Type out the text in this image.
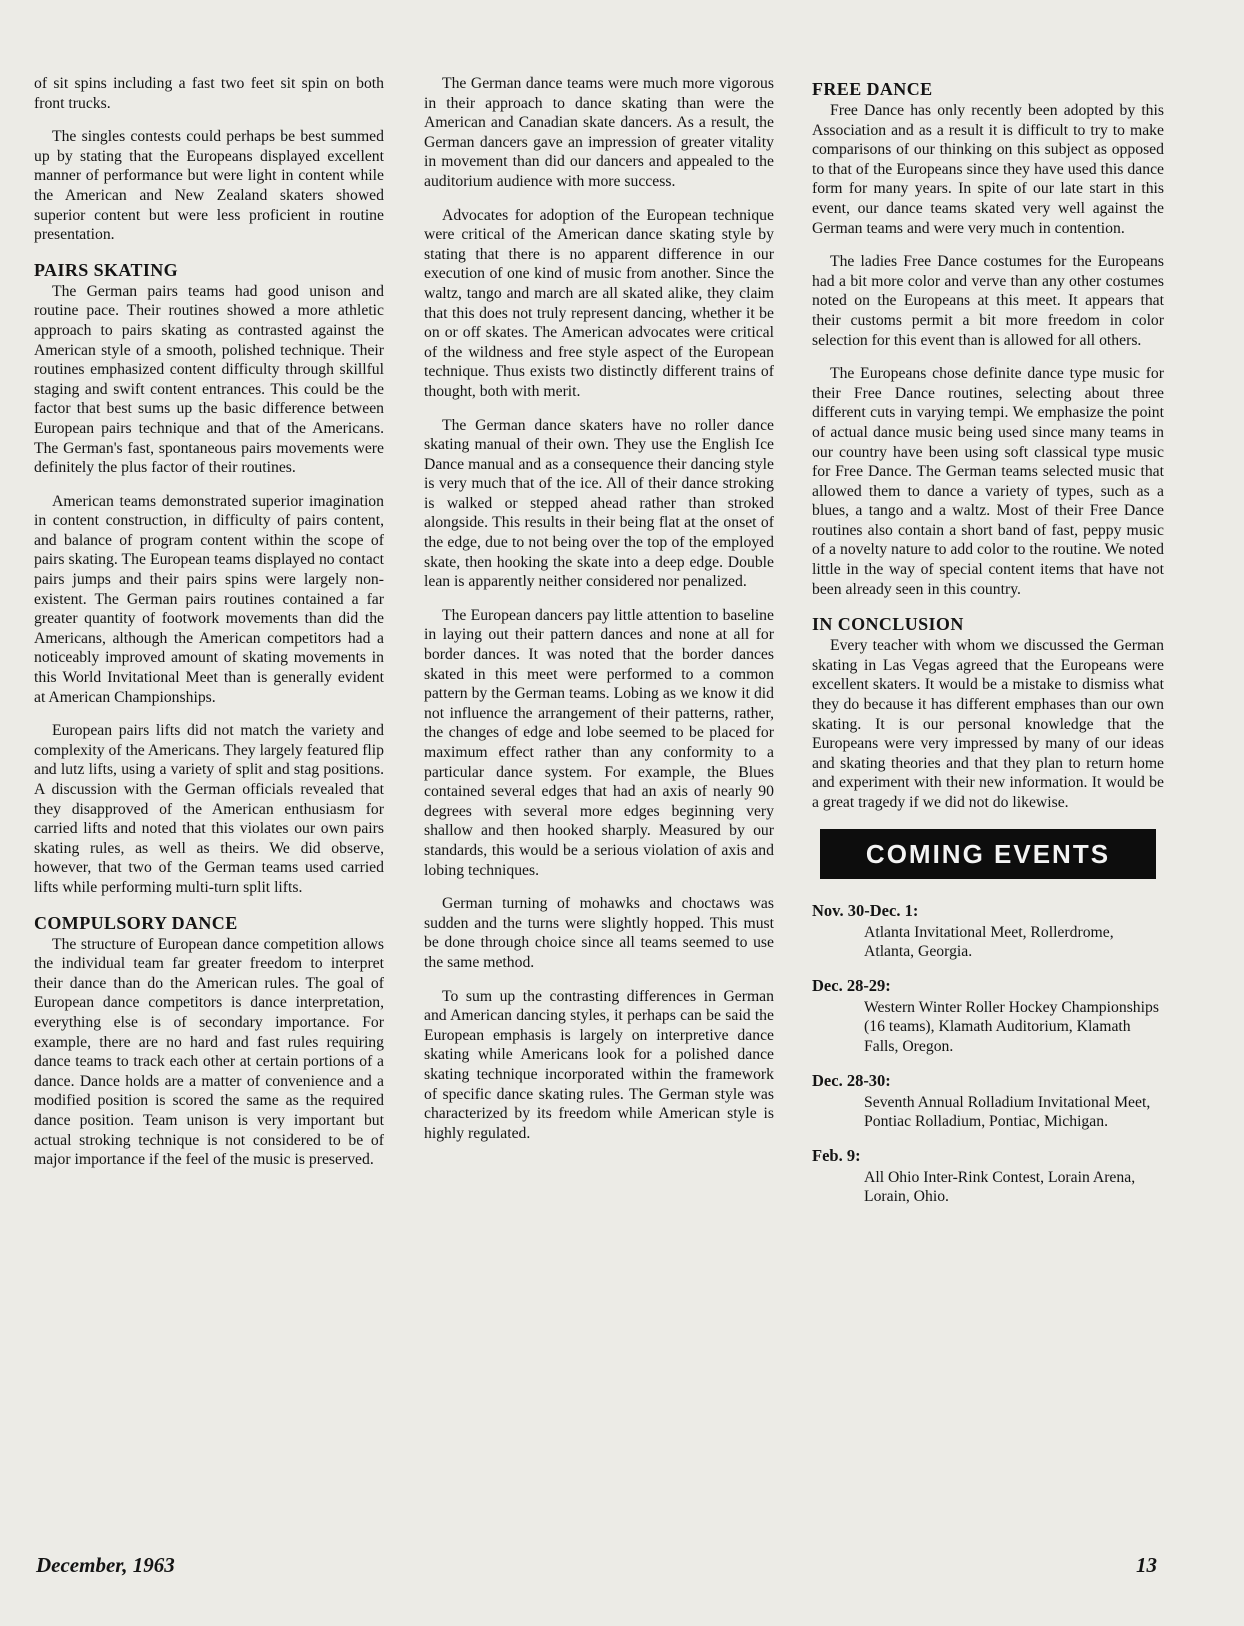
of sit spins including a fast two feet sit spin on both front trucks.

The singles contests could perhaps be best summed up by stating that the Europeans displayed excellent manner of performance but were light in content while the American and New Zealand skaters showed superior content but were less proficient in routine presentation.

PAIRS SKATING

The German pairs teams had good unison and routine pace. Their routines showed a more athletic approach to pairs skating as contrasted against the American style of a smooth, polished technique. Their routines emphasized content difficulty through skillful staging and swift content entrances. This could be the factor that best sums up the basic difference between European pairs technique and that of the Americans. The German's fast, spontaneous pairs movements were definitely the plus factor of their routines.

American teams demonstrated superior imagination in content construction, in difficulty of pairs content, and balance of program content within the scope of pairs skating. The European teams displayed no contact pairs jumps and their pairs spins were largely non-existent. The German pairs routines contained a far greater quantity of footwork movements than did the Americans, although the American competitors had a noticeably improved amount of skating movements in this World Invitational Meet than is generally evident at American Championships.

European pairs lifts did not match the variety and complexity of the Americans. They largely featured flip and lutz lifts, using a variety of split and stag positions. A discussion with the German officials revealed that they disapproved of the American enthusiasm for carried lifts and noted that this violates our own pairs skating rules, as well as theirs. We did observe, however, that two of the German teams used carried lifts while performing multi-turn split lifts.

COMPULSORY DANCE

The structure of European dance competition allows the individual team far greater freedom to interpret their dance than do the American rules. The goal of European dance competitors is dance interpretation, everything else is of secondary importance. For example, there are no hard and fast rules requiring dance teams to track each other at certain portions of a dance. Dance holds are a matter of convenience and a modified position is scored the same as the required dance position. Team unison is very important but actual stroking technique is not considered to be of major importance if the feel of the music is preserved.

The German dance teams were much more vigorous in their approach to dance skating than were the American and Canadian skate dancers. As a result, the German dancers gave an impression of greater vitality in movement than did our dancers and appealed to the auditorium audience with more success.

Advocates for adoption of the European technique were critical of the American dance skating style by stating that there is no apparent difference in our execution of one kind of music from another. Since the waltz, tango and march are all skated alike, they claim that this does not truly represent dancing, whether it be on or off skates. The American advocates were critical of the wildness and free style aspect of the European technique. Thus exists two distinctly different trains of thought, both with merit.

The German dance skaters have no roller dance skating manual of their own. They use the English Ice Dance manual and as a consequence their dancing style is very much that of the ice. All of their dance stroking is walked or stepped ahead rather than stroked alongside. This results in their being flat at the onset of the edge, due to not being over the top of the employed skate, then hooking the skate into a deep edge. Double lean is apparently neither considered nor penalized.

The European dancers pay little attention to baseline in laying out their pattern dances and none at all for border dances. It was noted that the border dances skated in this meet were performed to a common pattern by the German teams. Lobing as we know it did not influence the arrangement of their patterns, rather, the changes of edge and lobe seemed to be placed for maximum effect rather than any conformity to a particular dance system. For example, the Blues contained several edges that had an axis of nearly 90 degrees with several more edges beginning very shallow and then hooked sharply. Measured by our standards, this would be a serious violation of axis and lobing techniques.

German turning of mohawks and choctaws was sudden and the turns were slightly hopped. This must be done through choice since all teams seemed to use the same method.

To sum up the contrasting differences in German and American dancing styles, it perhaps can be said the European emphasis is largely on interpretive dance skating while Americans look for a polished dance skating technique incorporated within the framework of specific dance skating rules. The German style was characterized by its freedom while American style is highly regulated.

FREE DANCE

Free Dance has only recently been adopted by this Association and as a result it is difficult to try to make comparisons of our thinking on this subject as opposed to that of the Europeans since they have used this dance form for many years. In spite of our late start in this event, our dance teams skated very well against the German teams and were very much in contention.

The ladies Free Dance costumes for the Europeans had a bit more color and verve than any other costumes noted on the Europeans at this meet. It appears that their customs permit a bit more freedom in color selection for this event than is allowed for all others.

The Europeans chose definite dance type music for their Free Dance routines, selecting about three different cuts in varying tempi. We emphasize the point of actual dance music being used since many teams in our country have been using soft classical type music for Free Dance. The German teams selected music that allowed them to dance a variety of types, such as a blues, a tango and a waltz. Most of their Free Dance routines also contain a short band of fast, peppy music of a novelty nature to add color to the routine. We noted little in the way of special content items that have not been already seen in this country.

IN CONCLUSION

Every teacher with whom we discussed the German skating in Las Vegas agreed that the Europeans were excellent skaters. It would be a mistake to dismiss what they do because it has different emphases than our own skating. It is our personal knowledge that the Europeans were very impressed by many of our ideas and skating theories and that they plan to return home and experiment with their new information. It would be a great tragedy if we did not do likewise.

COMING EVENTS
Nov. 30-Dec. 1:
Atlanta Invitational Meet, Rollerdrome, Atlanta, Georgia.
Dec. 28-29:
Western Winter Roller Hockey Championships (16 teams), Klamath Auditorium, Klamath Falls, Oregon.
Dec. 28-30:
Seventh Annual Rolladium Invitational Meet, Pontiac Rolladium, Pontiac, Michigan.
Feb. 9:
All Ohio Inter-Rink Contest, Lorain Arena, Lorain, Ohio.
December, 1963	13
